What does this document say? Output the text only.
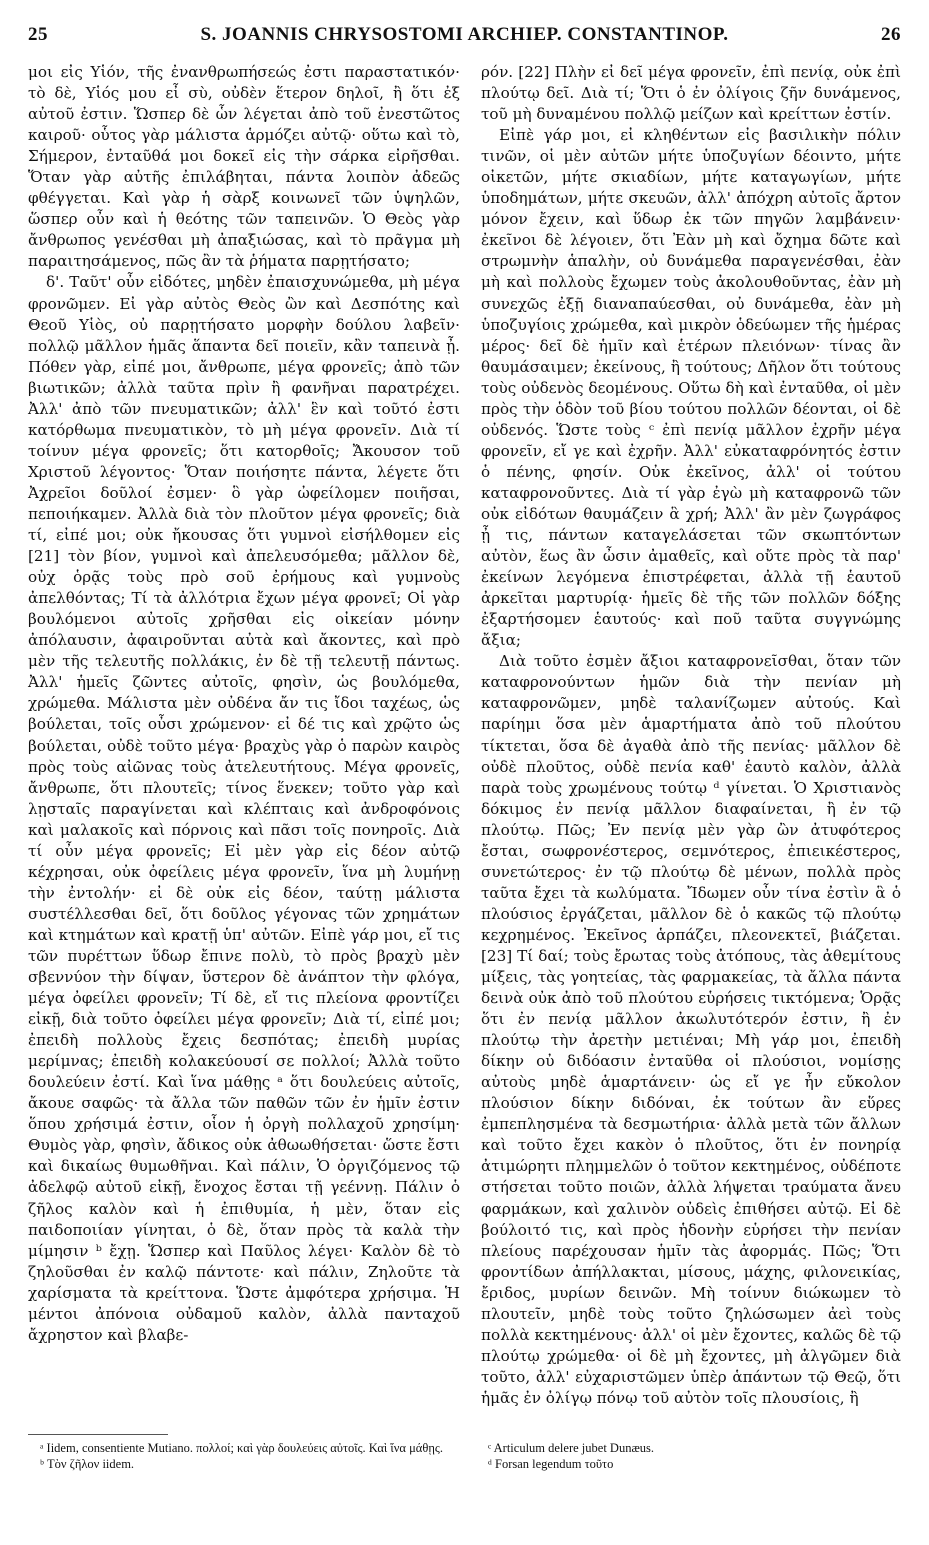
25	S. JOANNIS CHRYSOSTOMI ARCHIEP. CONSTANTINOP.	26

μοι εἰς Υἱόν, τῆς ἐνανθρωπήσεώς ἐστι παραστατικόν· τὸ δὲ, Υἱός μου εἶ σὺ, οὐδὲν ἕτερον δηλοῖ, ἢ ὅτι ἐξ αὐτοῦ ἐστιν. Ὥσπερ δὲ ὧν λέγεται ἀπὸ τοῦ ἐνεστῶτος καιροῦ· οὗτος γὰρ μάλιστα ἁρμόζει αὐτῷ· οὕτω καὶ τὸ, Σήμερον, ἐνταῦθά μοι δοκεῖ εἰς τὴν σάρκα εἰρῆσθαι. Ὅταν γὰρ αὐτῆς ἐπιλάβηται, πάντα λοιπὸν ἀδεῶς φθέγγεται. Καὶ γὰρ ἡ σὰρξ κοινωνεῖ τῶν ὑψηλῶν, ὥσπερ οὖν καὶ ἡ θεότης τῶν ταπεινῶν. Ὁ Θεὸς γὰρ ἄνθρωπος γενέσθαι μὴ ἀπαξιώσας, καὶ τὸ πρᾶγμα μὴ παραιτησάμενος, πῶς ἂν τὰ ῥήματα παρῃτήσατο;

δ'. Ταῦτ' οὖν εἰδότες, μηδὲν ἐπαισχυνώμεθα, μὴ μέγα φρονῶμεν. Εἰ γὰρ αὐτὸς Θεὸς ὢν καὶ Δεσπότης καὶ Θεοῦ Υἱὸς, οὐ παρῃτήσατο μορφὴν δούλου λαβεῖν· πολλῷ μᾶλλον ἡμᾶς ἅπαντα δεῖ ποιεῖν, κἂν ταπεινὰ ᾖ. Πόθεν γὰρ, εἰπέ μοι, ἄνθρωπε, μέγα φρονεῖς; ἀπὸ τῶν βιωτικῶν; ἀλλὰ ταῦτα πρὶν ἢ φανῆναι παρατρέχει. Ἀλλ' ἀπὸ τῶν πνευματικῶν; ἀλλ' ἓν καὶ τοῦτό ἐστι κατόρθωμα πνευματικὸν, τὸ μὴ μέγα φρονεῖν. Διὰ τί τοίνυν μέγα φρονεῖς; ὅτι κατορθοῖς; Ἄκουσον τοῦ Χριστοῦ λέγοντος· Ὅταν ποιήσητε πάντα, λέγετε ὅτι Ἀχρεῖοι δοῦλοί ἐσμεν· ὃ γὰρ ὠφείλομεν ποιῆσαι, πεποιήκαμεν. Ἀλλὰ διὰ τὸν πλοῦτον μέγα φρονεῖς; διὰ τί, εἰπέ μοι; οὐκ ἤκουσας ὅτι γυμνοὶ εἰσήλθομεν εἰς [21] τὸν βίον, γυμνοὶ καὶ ἀπελευσόμεθα; μᾶλλον δὲ, οὐχ ὁρᾷς τοὺς πρὸ σοῦ ἐρήμους καὶ γυμνοὺς ἀπελθόντας; Τί τὰ ἀλλότρια ἔχων μέγα φρονεῖ; Οἱ γὰρ βουλόμενοι αὐτοῖς χρῆσθαι εἰς οἰκείαν μόνην ἀπόλαυσιν, ἀφαιροῦνται αὐτὰ καὶ ἄκοντες, καὶ πρὸ μὲν τῆς τελευτῆς πολλάκις, ἐν δὲ τῇ τελευτῇ πάντως. Ἀλλ' ἡμεῖς ζῶντες αὐτοῖς, φησὶν, ὡς βουλόμεθα, χρώμεθα. Μάλιστα μὲν οὐδένα ἄν τις ἴδοι ταχέως, ὡς βούλεται, τοῖς οὖσι χρώμενον· εἰ δέ τις καὶ χρῷτο ὡς βούλεται, οὐδὲ τοῦτο μέγα· βραχὺς γὰρ ὁ παρὼν καιρὸς πρὸς τοὺς αἰῶνας τοὺς ἀτελευτήτους. Μέγα φρονεῖς, ἄνθρωπε, ὅτι πλουτεῖς; τίνος ἕνεκεν; τοῦτο γὰρ καὶ λῃσταῖς παραγίνεται καὶ κλέπταις καὶ ἀνδροφόνοις καὶ μαλακοῖς καὶ πόρνοις καὶ πᾶσι τοῖς πονηροῖς. Διὰ τί οὖν μέγα φρονεῖς; Εἰ μὲν γὰρ εἰς δέον αὐτῷ κέχρησαι, οὐκ ὀφείλεις μέγα φρονεῖν, ἵνα μὴ λυμήνῃ τὴν ἐντολήν· εἰ δὲ οὐκ εἰς δέον, ταύτῃ μάλιστα συστέλλεσθαι δεῖ, ὅτι δοῦλος γέγονας τῶν χρημάτων καὶ κτημάτων καὶ κρατῇ ὑπ' αὐτῶν. Εἰπὲ γάρ μοι, εἴ τις τῶν πυρέττων ὕδωρ ἔπινε πολὺ, τὸ πρὸς βραχὺ μὲν σβεννύον τὴν δίψαν, ὕστερον δὲ ἀνάπτον τὴν φλόγα, μέγα ὀφείλει φρονεῖν; Τί δὲ, εἴ τις πλείονα φροντίζει εἰκῇ, διὰ τοῦτο ὀφείλει μέγα φρονεῖν; Διὰ τί, εἰπέ μοι; ἐπειδὴ πολλοὺς ἔχεις δεσπότας; ἐπειδὴ μυρίας μερίμνας; ἐπειδὴ κολακεύουσί σε πολλοί; Ἀλλὰ τοῦτο δουλεύειν ἐστί. Καὶ ἵνα μάθῃς ᵃ ὅτι δουλεύεις αὐτοῖς, ἄκουε σαφῶς· τὰ ἄλλα τῶν παθῶν τῶν ἐν ἡμῖν ἐστιν ὅπου χρήσιμά ἐστιν, οἷον ἡ ὀργὴ πολλαχοῦ χρησίμη· Θυμὸς γὰρ, φησὶν, ἄδικος οὐκ ἀθωωθήσεται· ὥστε ἔστι καὶ δικαίως θυμωθῆναι. Καὶ πάλιν, Ὁ ὀργιζόμενος τῷ ἀδελφῷ αὐτοῦ εἰκῇ, ἔνοχος ἔσται τῇ γεέννῃ. Πάλιν ὁ ζῆλος καλὸν καὶ ἡ ἐπιθυμία, ἡ μὲν, ὅταν εἰς παιδοποιίαν γίνηται, ὁ δὲ, ὅταν πρὸς τὰ καλὰ τὴν μίμησιν ᵇ ἔχῃ. Ὥσπερ καὶ Παῦλος λέγει· Καλὸν δὲ τὸ ζηλοῦσθαι ἐν καλῷ πάντοτε· καὶ πάλιν, Ζηλοῦτε τὰ χαρίσματα τὰ κρείττονα. Ὥστε ἀμφότερα χρήσιμα. Ἡ μέντοι ἀπόνοια οὐδαμοῦ καλὸν, ἀλλὰ πανταχοῦ ἄχρηστον καὶ βλαβε-

ρόν. [22] Πλὴν εἰ δεῖ μέγα φρονεῖν, ἐπὶ πενίᾳ, οὐκ ἐπὶ πλούτῳ δεῖ. Διὰ τί; Ὅτι ὁ ἐν ὀλίγοις ζῆν δυνάμενος, τοῦ μὴ δυναμένου πολλῷ μείζων καὶ κρείττων ἐστίν.

Εἰπὲ γάρ μοι, εἰ κληθέντων εἰς βασιλικὴν πόλιν τινῶν, οἱ μὲν αὐτῶν μήτε ὑποζυγίων δέοιντο, μήτε οἰκετῶν, μήτε σκιαδίων, μήτε καταγωγίων, μήτε ὑποδημάτων, μήτε σκευῶν, ἀλλ' ἀπόχρη αὐτοῖς ἄρτον μόνον ἔχειν, καὶ ὕδωρ ἐκ τῶν πηγῶν λαμβάνειν· ἐκεῖνοι δὲ λέγοιεν, ὅτι Ἐὰν μὴ καὶ ὄχημα δῶτε καὶ στρωμνὴν ἁπαλὴν, οὐ δυνάμεθα παραγενέσθαι, ἐὰν μὴ καὶ πολλοὺς ἔχωμεν τοὺς ἀκολουθοῦντας, ἐὰν μὴ συνεχῶς ἐξῇ διαναπαύεσθαι, οὐ δυνάμεθα, ἐὰν μὴ ὑποζυγίοις χρώμεθα, καὶ μικρὸν ὁδεύωμεν τῆς ἡμέρας μέρος· δεῖ δὲ ἡμῖν καὶ ἑτέρων πλειόνων· τίνας ἂν θαυμάσαιμεν; ἐκείνους, ἢ τούτους; Δῆλον ὅτι τούτους τοὺς οὐδενὸς δεομένους. Οὕτω δὴ καὶ ἐνταῦθα, οἱ μὲν πρὸς τὴν ὁδὸν τοῦ βίου τούτου πολλῶν δέονται, οἱ δὲ οὐδενός. Ὥστε τοὺς ᶜ ἐπὶ πενίᾳ μᾶλλον ἐχρῆν μέγα φρονεῖν, εἴ γε καὶ ἐχρῆν. Ἀλλ' εὐκαταφρόνητός ἐστιν ὁ πένης, φησίν. Οὐκ ἐκεῖνος, ἀλλ' οἱ τούτου καταφρονοῦντες. Διὰ τί γὰρ ἐγὼ μὴ καταφρονῶ τῶν οὐκ εἰδότων θαυμάζειν ἃ χρή; Ἀλλ' ἂν μὲν ζωγράφος ᾖ τις, πάντων καταγελάσεται τῶν σκωπτόντων αὐτὸν, ἕως ἂν ὦσιν ἀμαθεῖς, καὶ οὔτε πρὸς τὰ παρ' ἐκείνων λεγόμενα ἐπιστρέφεται, ἀλλὰ τῇ ἑαυτοῦ ἀρκεῖται μαρτυρίᾳ· ἡμεῖς δὲ τῆς τῶν πολλῶν δόξης ἐξαρτήσομεν ἑαυτούς· καὶ ποῦ ταῦτα συγγνώμης ἄξια;

Διὰ τοῦτο ἐσμὲν ἄξιοι καταφρονεῖσθαι, ὅταν τῶν καταφρονούντων ἡμῶν διὰ τὴν πενίαν μὴ καταφρονῶμεν, μηδὲ ταλανίζωμεν αὐτούς. Καὶ παρίημι ὅσα μὲν ἁμαρτήματα ἀπὸ τοῦ πλούτου τίκτεται, ὅσα δὲ ἀγαθὰ ἀπὸ τῆς πενίας· μᾶλλον δὲ οὐδὲ πλοῦτος, οὐδὲ πενία καθ' ἑαυτὸ καλὸν, ἀλλὰ παρὰ τοὺς χρωμένους τούτῳ ᵈ γίνεται. Ὁ Χριστιανὸς δόκιμος ἐν πενίᾳ μᾶλλον διαφαίνεται, ἢ ἐν τῷ πλούτῳ. Πῶς; Ἐν πενίᾳ μὲν γὰρ ὢν ἀτυφότερος ἔσται, σωφρονέστερος, σεμνότερος, ἐπιεικέστερος, συνετώτερος· ἐν τῷ πλούτῳ δὲ μένων, πολλὰ πρὸς ταῦτα ἔχει τὰ κωλύματα. Ἴδωμεν οὖν τίνα ἐστὶν ἃ ὁ πλούσιος ἐργάζεται, μᾶλλον δὲ ὁ κακῶς τῷ πλούτῳ κεχρημένος. Ἐκεῖνος ἁρπάζει, πλεονεκτεῖ, βιάζεται. [23] Τί δαί; τοὺς ἔρωτας τοὺς ἀτόπους, τὰς ἀθεμίτους μίξεις, τὰς γοητείας, τὰς φαρμακείας, τὰ ἄλλα πάντα δεινὰ οὐκ ἀπὸ τοῦ πλούτου εὑρήσεις τικτόμενα; Ὁρᾷς ὅτι ἐν πενίᾳ μᾶλλον ἀκωλυτότερόν ἐστιν, ἢ ἐν πλούτῳ τὴν ἀρετὴν μετιέναι; Μὴ γάρ μοι, ἐπειδὴ δίκην οὐ διδόασιν ἐνταῦθα οἱ πλούσιοι, νομίσῃς αὐτοὺς μηδὲ ἁμαρτάνειν· ὡς εἴ γε ἦν εὔκολον πλούσιον δίκην διδόναι, ἐκ τούτων ἂν εὕρες ἐμπεπλησμένα τὰ δεσμωτήρια· ἀλλὰ μετὰ τῶν ἄλλων καὶ τοῦτο ἔχει κακὸν ὁ πλοῦτος, ὅτι ἐν πονηρίᾳ ἀτιμώρητι πλημμελῶν ὁ τοῦτον κεκτημένος, οὐδέποτε στήσεται τοῦτο ποιῶν, ἀλλὰ λήψεται τραύματα ἄνευ φαρμάκων, καὶ χαλινὸν οὐδεὶς ἐπιθήσει αὐτῷ. Εἰ δὲ βούλοιτό τις, καὶ πρὸς ἡδονὴν εὑρήσει τὴν πενίαν πλείους παρέχουσαν ἡμῖν τὰς ἀφορμάς. Πῶς; Ὅτι φροντίδων ἀπήλλακται, μίσους, μάχης, φιλονεικίας, ἔριδος, μυρίων δεινῶν. Μὴ τοίνυν διώκωμεν τὸ πλουτεῖν, μηδὲ τοὺς τοῦτο ζηλώσωμεν ἀεὶ τοὺς πολλὰ κεκτημένους· ἀλλ' οἱ μὲν ἔχοντες, καλῶς δὲ τῷ πλούτῳ χρώμεθα· οἱ δὲ μὴ ἔχοντες, μὴ ἀλγῶμεν διὰ τοῦτο, ἀλλ' εὐχαριστῶμεν ὑπὲρ ἁπάντων τῷ Θεῷ, ὅτι ἡμᾶς ἐν ὀλίγῳ πόνῳ τοῦ αὐτὸν τοῖς πλουσίοις, ἢ

ᵃ Iidem, consentiente Mutiano. πολλοί; καὶ γὰρ δουλεύεις αὐτοῖς. Καὶ ἵνα μάθῃς.
ᵇ Τὸν ζῆλον iidem.
ᶜ Articulum delere jubet Dunæus.
ᵈ Forsan legendum τοῦτο
